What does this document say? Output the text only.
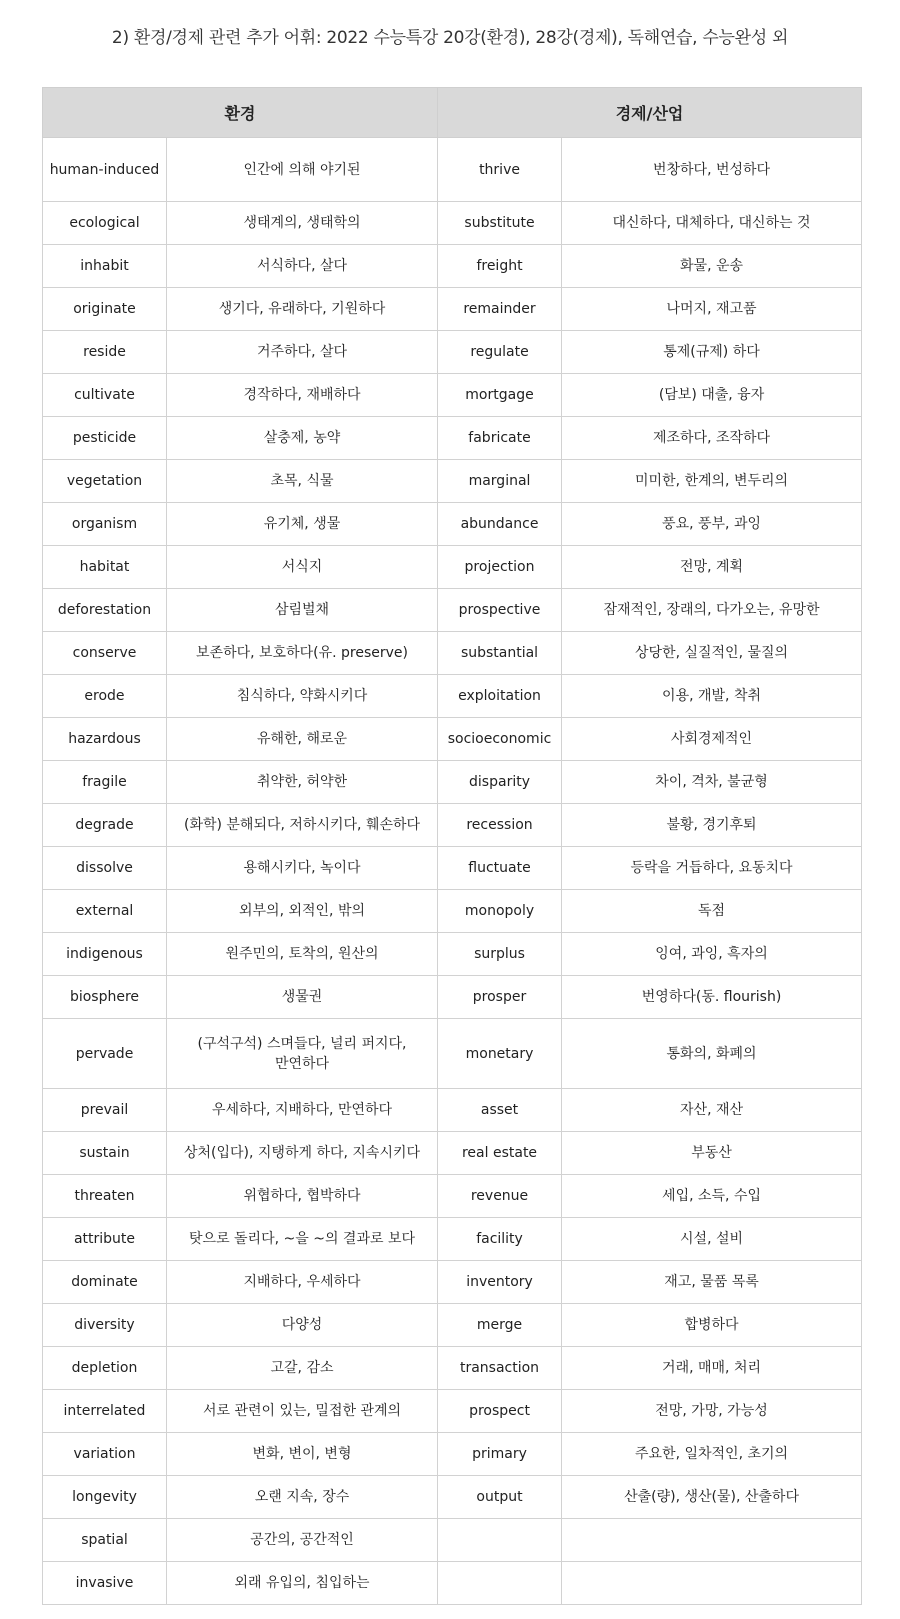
2) 환경/경제 관련 추가 어휘: 2022 수능특강 20강(환경), 28강(경제), 독해연습, 수능완성 외
환경		경제/산업	
human-induced	인간에 의해 야기된	thrive	번창하다, 번성하다
ecological	생태계의, 생태학의	substitute	대신하다, 대체하다, 대신하는 것
inhabit	서식하다, 살다	freight	화물, 운송
originate	생기다, 유래하다, 기원하다	remainder	나머지, 재고품
reside	거주하다, 살다	regulate	통제(규제) 하다
cultivate	경작하다, 재배하다	mortgage	(담보) 대출, 융자
pesticide	살충제, 농약	fabricate	제조하다, 조작하다
vegetation	초목, 식물	marginal	미미한, 한계의, 변두리의
organism	유기체, 생물	abundance	풍요, 풍부, 과잉
habitat	서식지	projection	전망, 계획
deforestation	삼림벌채	prospective	잠재적인, 장래의, 다가오는, 유망한
conserve	보존하다, 보호하다(유. preserve)	substantial	상당한, 실질적인, 물질의
erode	침식하다, 약화시키다	exploitation	이용, 개발, 착취
hazardous	유해한, 해로운	socioeconomic	사회경제적인
fragile	취약한, 허약한	disparity	차이, 격차, 불균형
degrade	(화학) 분해되다, 저하시키다, 훼손하다	recession	불황, 경기후퇴
dissolve	용해시키다, 녹이다	fluctuate	등락을 거듭하다, 요동치다
external	외부의, 외적인, 밖의	monopoly	독점
indigenous	원주민의, 토착의, 원산의	surplus	잉여, 과잉, 흑자의
biosphere	생물권	prosper	번영하다(동. flourish)
pervade	(구석구석) 스며들다, 널리 퍼지다, 만연하다	monetary	통화의, 화폐의
prevail	우세하다, 지배하다, 만연하다	asset	자산, 재산
sustain	상처(입다), 지탱하게 하다, 지속시키다	real estate	부동산
threaten	위협하다, 협박하다	revenue	세입, 소득, 수입
attribute	탓으로 돌리다, ~을 ~의 결과로 보다	facility	시설, 설비
dominate	지배하다, 우세하다	inventory	재고, 물품 목록
diversity	다양성	merge	합병하다
depletion	고갈, 감소	transaction	거래, 매매, 처리
interrelated	서로 관련이 있는, 밀접한 관계의	prospect	전망, 가망, 가능성
variation	변화, 변이, 변형	primary	주요한, 일차적인, 초기의
longevity	오랜 지속, 장수	output	산출(량), 생산(물), 산출하다
spatial	공간의, 공간적인		
invasive	외래 유입의, 침입하는		
